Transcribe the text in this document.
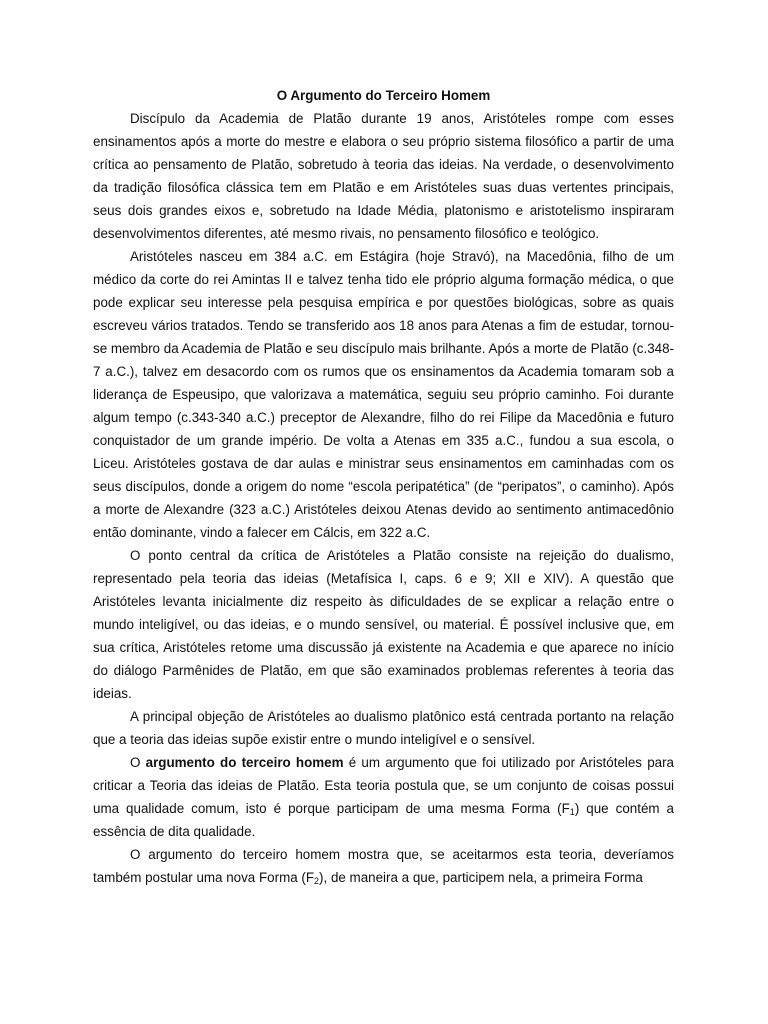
O Argumento do Terceiro Homem

Discípulo da Academia de Platão durante 19 anos, Aristóteles rompe com esses ensinamentos após a morte do mestre e elabora o seu próprio sistema filosófico a partir de uma crítica ao pensamento de Platão, sobretudo à teoria das ideias. Na verdade, o desenvolvimento da tradição filosófica clássica tem em Platão e em Aristóteles suas duas vertentes principais, seus dois grandes eixos e, sobretudo na Idade Média, platonismo e aristotelismo inspiraram desenvolvimentos diferentes, até mesmo rivais, no pensamento filosófico e teológico.

Aristóteles nasceu em 384 a.C. em Estágira (hoje Stravó), na Macedônia, filho de um médico da corte do rei Amintas II e talvez tenha tido ele próprio alguma formação médica, o que pode explicar seu interesse pela pesquisa empírica e por questões biológicas, sobre as quais escreveu vários tratados. Tendo se transferido aos 18 anos para Atenas a fim de estudar, tornou-se membro da Academia de Platão e seu discípulo mais brilhante. Após a morte de Platão (c.348-7 a.C.), talvez em desacordo com os rumos que os ensinamentos da Academia tomaram sob a liderança de Espeusipo, que valorizava a matemática, seguiu seu próprio caminho. Foi durante algum tempo (c.343-340 a.C.) preceptor de Alexandre, filho do rei Filipe da Macedônia e futuro conquistador de um grande império. De volta a Atenas em 335 a.C., fundou a sua escola, o Liceu. Aristóteles gostava de dar aulas e ministrar seus ensinamentos em caminhadas com os seus discípulos, donde a origem do nome “escola peripatética” (de “peripatos”, o caminho). Após a morte de Alexandre (323 a.C.) Aristóteles deixou Atenas devido ao sentimento antimacedônio então dominante, vindo a falecer em Cálcis, em 322 a.C.

O ponto central da crítica de Aristóteles a Platão consiste na rejeição do dualismo, representado pela teoria das ideias (Metafísica I, caps. 6 e 9; XII e XIV). A questão que Aristóteles levanta inicialmente diz respeito às dificuldades de se explicar a relação entre o mundo inteligível, ou das ideias, e o mundo sensível, ou material. É possível inclusive que, em sua crítica, Aristóteles retome uma discussão já existente na Academia e que aparece no início do diálogo Parmênides de Platão, em que são examinados problemas referentes à teoria das ideias.

A principal objeção de Aristóteles ao dualismo platônico está centrada portanto na relação que a teoria das ideias supõe existir entre o mundo inteligível e o sensível.

O argumento do terceiro homem é um argumento que foi utilizado por Aristóteles para criticar a Teoria das ideias de Platão. Esta teoria postula que, se um conjunto de coisas possui uma qualidade comum, isto é porque participam de uma mesma Forma $(F_1)$ que contém a essência de dita qualidade.

O argumento do terceiro homem mostra que, se aceitarmos esta teoria, deveríamos também postular uma nova Forma $(F_2)$, de maneira a que, participem nela, a primeira Forma
